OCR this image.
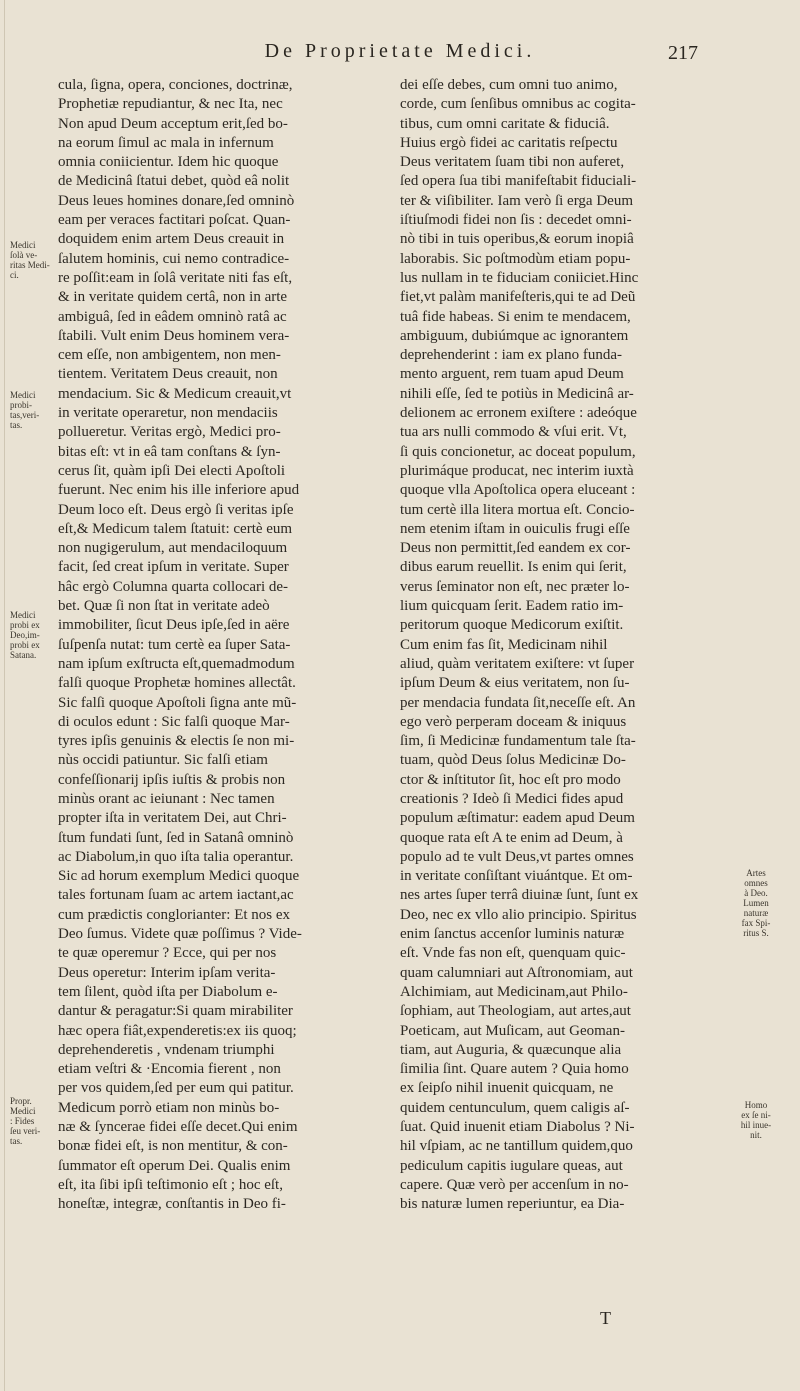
De Proprietate Medici.	217
cula, ſigna, opera, conciones, doctrinæ,
Prophetiæ repudiantur, & nec Ita, nec
Non apud Deum acceptum erit,ſed bo-
na eorum ſimul ac mala in infernum
omnia coniicientur. Idem hic quoque
de Medicinâ ſtatui debet, quòd eâ nolit
Deus leues homines donare,ſed omninò
eam per veraces factitari poſcat. Quan-
doquidem enim artem Deus creauit in
ſalutem hominis, cui nemo contradice-
re poſſit:eam in ſolâ veritate niti fas eſt,
& in veritate quidem certâ, non in arte
ambiguâ, ſed in eâdem omninò ratâ ac
ſtabili. Vult enim Deus hominem vera-
cem eſſe, non ambigentem, non men-
tientem. Veritatem Deus creauit, non
mendacium. Sic & Medicum creauit,vt
in veritate operaretur, non mendaciis
pollueretur. Veritas ergò, Medici pro-
bitas eſt: vt in eâ tam conſtans & ſyn-
cerus ſit, quàm ipſi Dei electi Apoſtoli
fuerunt. Nec enim his ille inferiore apud
Deum loco eſt. Deus ergò ſi veritas ipſe
eſt,& Medicum talem ſtatuit: certè eum
non nugigerulum, aut mendaciloquum
facit, ſed creat ipſum in veritate. Super
hâc ergò Columna quarta collocari de-
bet. Quæ ſi non ſtat in veritate adeò
immobiliter, ſicut Deus ipſe,ſed in aëre
ſuſpenſa nutat: tum certè ea ſuper Sata-
nam ipſum exſtructa eſt,quemadmodum
falſi quoque Prophetæ homines allectât.
Sic falſi quoque Apoſtoli ſigna ante mũ-
di oculos edunt : Sic falſi quoque Mar-
tyres ipſis genuinis & electis ſe non mi-
nùs occidi patiuntur. Sic falſi etiam
confeſſionarij ipſis iuſtis & probis non
minùs orant ac ieiunant : Nec tamen
propter iſta in veritatem Dei, aut Chri-
ſtum fundati ſunt, ſed in Satanâ omninò
ac Diabolum,in quo iſta talia operantur.
Sic ad horum exemplum Medici quoque
tales fortunam ſuam ac artem iactant,ac
cum prædictis conglorianter: Et nos ex
Deo ſumus. Videte quæ poſſimus ? Vide-
te quæ operemur ? Ecce, qui per nos
Deus operetur: Interim ipſam verita-
tem ſilent, quòd iſta per Diabolum e-
dantur & peragatur:Si quam mirabiliter
hæc opera fiât,expenderetis:ex iis quoq;
deprehenderetis , vndenam triumphi
etiam veſtri & ·Encomia fierent , non
per vos quidem,ſed per eum qui patitur.
Medicum porrò etiam non minùs bo-
næ & ſyncerae fidei eſſe decet.Qui enim
bonæ fidei eſt, is non mentitur, & con-
ſummator eſt operum Dei. Qualis enim
eſt, ita ſibi ipſi teſtimonio eſt ; hoc eſt,
honeſtæ, integræ, conſtantis in Deo fi-
dei eſſe debes, cum omni tuo animo,
corde, cum ſenſibus omnibus ac cogita-
tibus, cum omni caritate & fiduciâ.
Huius ergò fidei ac caritatis reſpectu
Deus veritatem ſuam tibi non auferet,
ſed opera ſua tibi manifeſtabit fiduciali-
ter & viſibiliter. Iam verò ſi erga Deum
iſtiuſmodi fidei non ſis : decedet omni-
nò tibi in tuis operibus,& eorum inopiâ
laborabis. Sic poſtmodùm etiam popu-
lus nullam in te fiduciam coniiciet.Hinc
fiet,vt palàm manifeſteris,qui te ad Deũ
tuâ fide habeas. Si enim te mendacem,
ambiguum, dubiúmque ac ignorantem
deprehenderint : iam ex plano funda-
mento arguent, rem tuam apud Deum
nihili eſſe, ſed te potiùs in Medicinâ ar-
delionem ac erronem exiſtere : adeóque
tua ars nulli commodo & vſui erit. Vt,
ſi quis concionetur, ac doceat populum,
plurimáque producat, nec interim iuxtà
quoque vlla Apoſtolica opera eluceant :
tum certè illa litera mortua eſt. Concio-
nem etenim iſtam in ouiculis frugi eſſe
Deus non permittit,ſed eandem ex cor-
dibus earum reuellit. Is enim qui ſerit,
verus ſeminator non eſt, nec præter lo-
lium quicquam ſerit. Eadem ratio im-
peritorum quoque Medicorum exiſtit.
Cum enim fas ſit, Medicinam nihil
aliud, quàm veritatem exiſtere: vt ſuper
ipſum Deum & eius veritatem, non ſu-
per mendacia fundata ſit,neceſſe eſt. An
ego verò perperam doceam & iniquus
ſim, ſi Medicinæ fundamentum tale ſta-
tuam, quòd Deus ſolus Medicinæ Do-
ctor & inſtitutor ſit, hoc eſt pro modo
creationis ? Ideò ſi Medici fides apud
populum æſtimatur: eadem apud Deum
quoque rata eſt A te enim ad Deum, à
populo ad te vult Deus,vt partes omnes
in veritate conſiſtant viuántque. Et om-
nes artes ſuper terrâ diuinæ ſunt, ſunt ex
Deo, nec ex vllo alio principio. Spiritus
enim ſanctus accenſor luminis naturæ
eſt. Vnde fas non eſt, quenquam quic-
quam calumniari aut Aſtronomiam, aut
Alchimiam, aut Medicinam,aut Philo-
ſophiam, aut Theologiam, aut artes,aut
Poeticam, aut Muſicam, aut Geoman-
tiam, aut Auguria, & quæcunque alia
ſimilia ſint. Quare autem ? Quia homo
ex ſeipſo nihil inuenit quicquam, ne
quidem centunculum, quem caligis aſ-
ſuat. Quid inuenit etiam Diabolus ? Ni-
hil vſpiam, ac ne tantillum quidem,quo
pediculum capitis iugulare queas, aut
capere. Quæ verò per accenſum in no-
bis naturæ lumen reperiuntur, ea Dia-
Medici
ſolà ve-
ritas Medi-
ci.
Medici
probi-
tas,veri-
tas.
Medici
probi ex
Deo,im-
probi ex
Satana.
Propr.
Medici
: Fides
ſeu veri-
tas.
Artes
omnes
à Deo.
Lumen
naturæ
fax Spi-
ritus S.
Homo
ex ſe ni-
hil inue-
nit.
T
